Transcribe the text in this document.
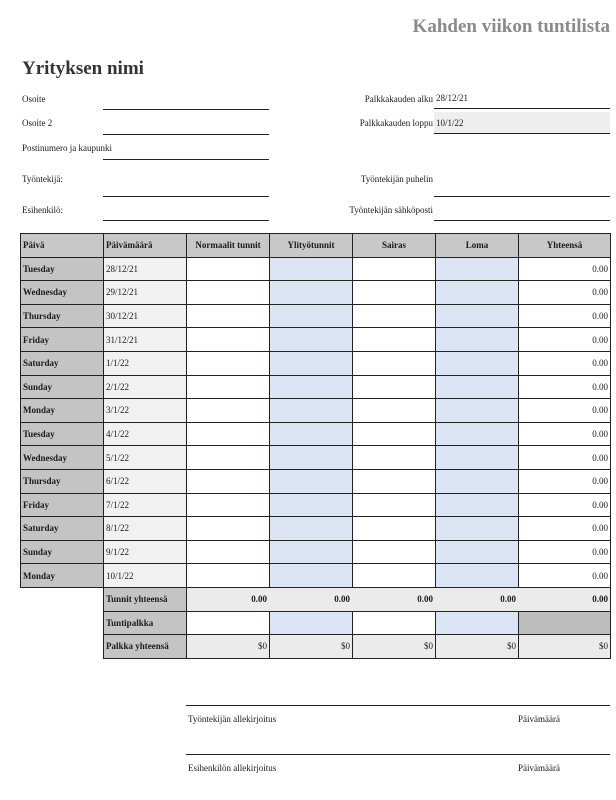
Kahden viikon tuntilista
Yrityksen nimi
Osoite
Osoite 2
Postinumero ja kaupunki
Työntekijä:
Esihenkilö:
Palkkakauden alku 28/12/21
Palkkakauden loppu 10/1/22
Työntekijän puhelin
Työntekijän sähköposti
Päivä	Päivämäärä	Normaalit tunnit	Ylityötunnit	Sairas	Loma	Yhteensä
Tuesday	28/12/21					0.00
Wednesday	29/12/21					0.00
Thursday	30/12/21					0.00
Friday	31/12/21					0.00
Saturday	1/1/22					0.00
Sunday	2/1/22					0.00
Monday	3/1/22					0.00
Tuesday	4/1/22					0.00
Wednesday	5/1/22					0.00
Thursday	6/1/22					0.00
Friday	7/1/22					0.00
Saturday	8/1/22					0.00
Sunday	9/1/22					0.00
Monday	10/1/22					0.00
	Tunnit yhteensä	0.00	0.00	0.00	0.00	0.00
	Tuntipalkka					
	Palkka yhteensä	$0	$0	$0	$0	$0
Työntekijän allekirjoitus	Päivämäärä
Esihenkilön allekirjoitus	Päivämäärä
